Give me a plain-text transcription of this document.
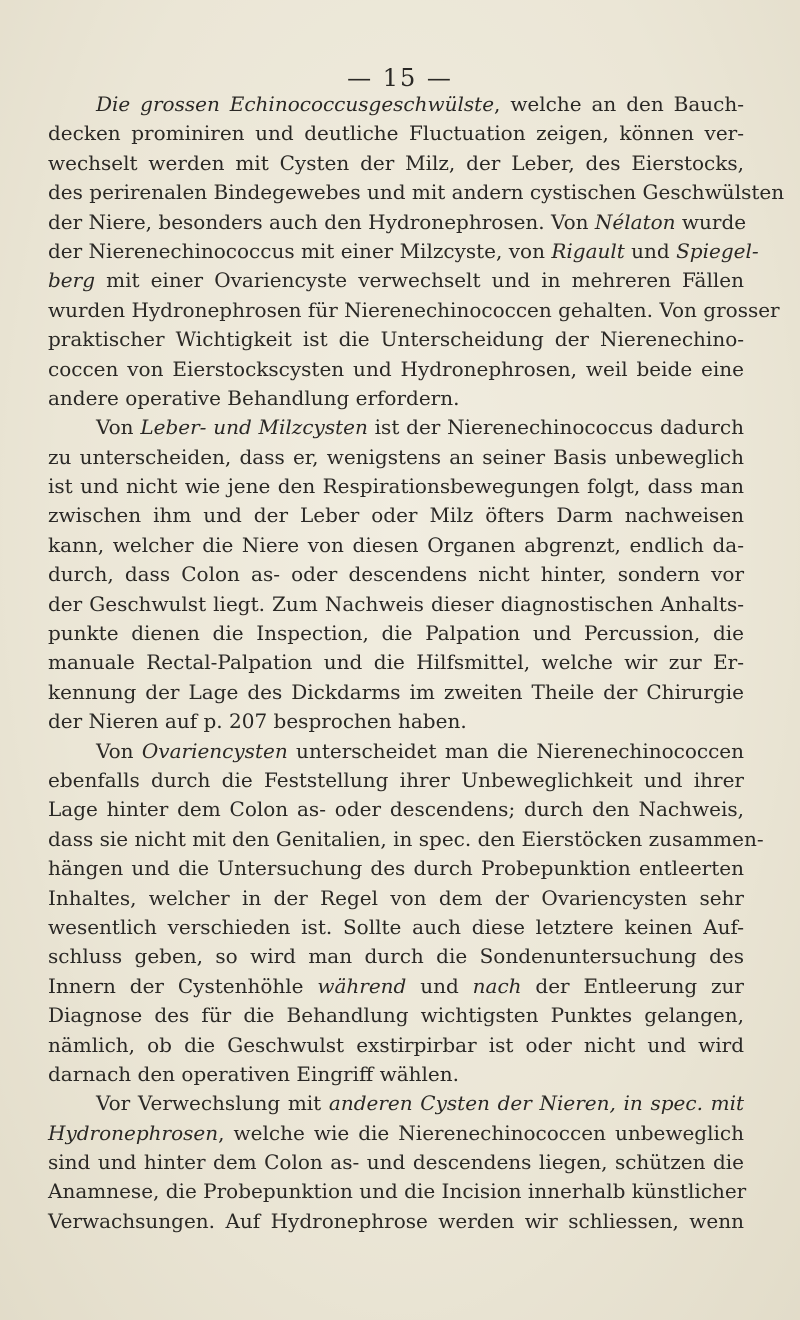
— 15 —
Die grossen Echinococcusgeschwülste, welche an den Bauch-
decken prominiren und deutliche Fluctuation zeigen, können ver-
wechselt werden mit Cysten der Milz, der Leber, des Eierstocks,
des perirenalen Bindegewebes und mit andern cystischen Geschwülsten
der Niere, besonders auch den Hydronephrosen. Von Nélaton wurde
der Nierenechinococcus mit einer Milzcyste, von Rigault und Spiegel-
berg mit einer Ovariencyste verwechselt und in mehreren Fällen
wurden Hydronephrosen für Nierenechinococcen gehalten. Von grosser
praktischer Wichtigkeit ist die Unterscheidung der Nierenechino-
coccen von Eierstockscysten und Hydronephrosen, weil beide eine
andere operative Behandlung erfordern.
Von Leber- und Milzcysten ist der Nierenechinococcus dadurch
zu unterscheiden, dass er, wenigstens an seiner Basis unbeweglich
ist und nicht wie jene den Respirationsbewegungen folgt, dass man
zwischen ihm und der Leber oder Milz öfters Darm nachweisen
kann, welcher die Niere von diesen Organen abgrenzt, endlich da-
durch, dass Colon as- oder descendens nicht hinter, sondern vor
der Geschwulst liegt. Zum Nachweis dieser diagnostischen Anhalts-
punkte dienen die Inspection, die Palpation und Percussion, die
manuale Rectal-Palpation und die Hilfsmittel, welche wir zur Er-
kennung der Lage des Dickdarms im zweiten Theile der Chirurgie
der Nieren auf p. 207 besprochen haben.
Von Ovariencysten unterscheidet man die Nierenechinococcen
ebenfalls durch die Feststellung ihrer Unbeweglichkeit und ihrer
Lage hinter dem Colon as- oder descendens; durch den Nachweis,
dass sie nicht mit den Genitalien, in spec. den Eierstöcken zusammen-
hängen und die Untersuchung des durch Probepunktion entleerten
Inhaltes, welcher in der Regel von dem der Ovariencysten sehr
wesentlich verschieden ist. Sollte auch diese letztere keinen Auf-
schluss geben, so wird man durch die Sondenuntersuchung des
Innern der Cystenhöhle während und nach der Entleerung zur
Diagnose des für die Behandlung wichtigsten Punktes gelangen,
nämlich, ob die Geschwulst exstirpirbar ist oder nicht und wird
darnach den operativen Eingriff wählen.
Vor Verwechslung mit anderen Cysten der Nieren, in spec. mit
Hydronephrosen, welche wie die Nierenechinococcen unbeweglich
sind und hinter dem Colon as- und descendens liegen, schützen die
Anamnese, die Probepunktion und die Incision innerhalb künstlicher
Verwachsungen. Auf Hydronephrose werden wir schliessen, wenn
